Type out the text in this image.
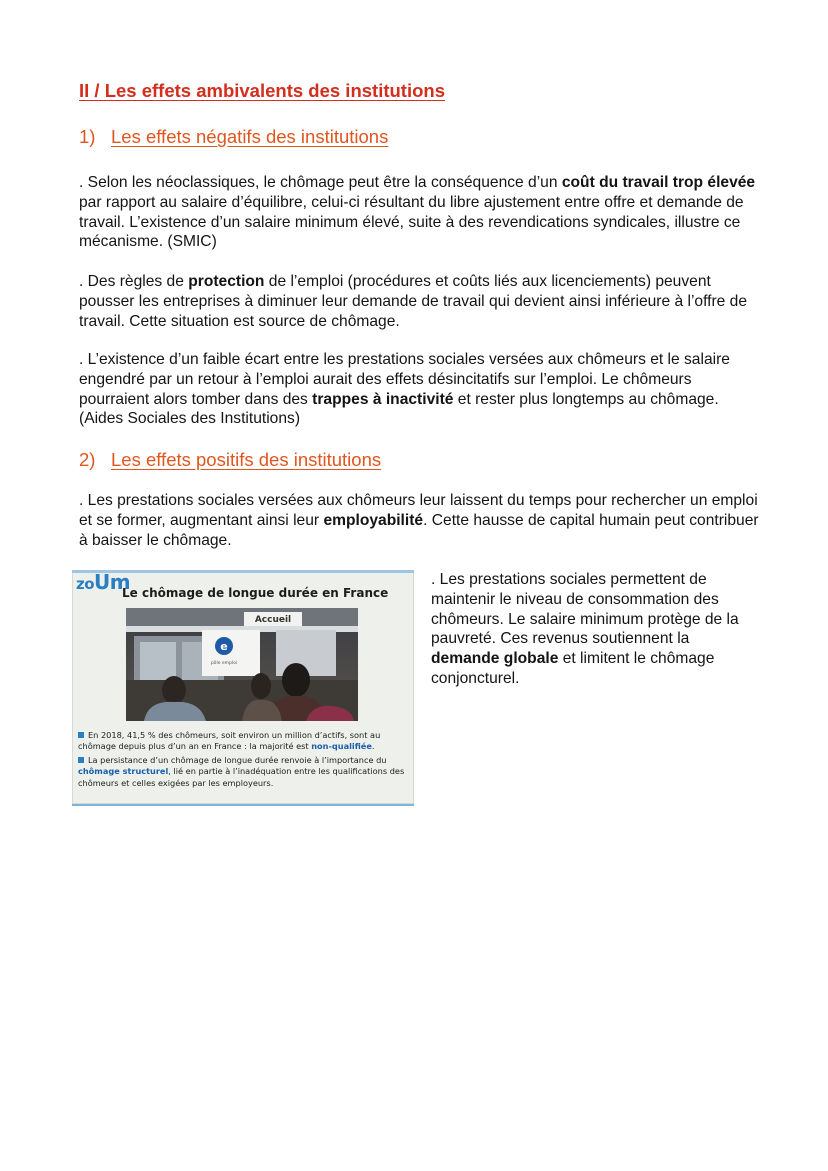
II / Les effets ambivalents des institutions
1) Les effets négatifs des institutions

. Selon les néoclassiques, le chômage peut être la conséquence d’un coût du travail trop élevée par rapport au salaire d’équilibre, celui-ci résultant du libre ajustement entre offre et demande de travail. L’existence d’un salaire minimum élevé, suite à des revendications syndicales, illustre ce mécanisme. (SMIC)

. Des règles de protection de l’emploi (procédures et coûts liés aux licenciements) peuvent pousser les entreprises à diminuer leur demande de travail qui devient ainsi inférieure à l’offre de travail. Cette situation est source de chômage.

. L’existence d’un faible écart entre les prestations sociales versées aux chômeurs et le salaire engendré par un retour à l’emploi aurait des effets désincitatifs sur l’emploi. Le chômeurs pourraient alors tomber dans des trappes à inactivité et rester plus longtemps au chômage. (Aides Sociales des Institutions)

2) Les effets positifs des institutions

. Les prestations sociales versées aux chômeurs leur laissent du temps pour rechercher un emploi et se former, augmentant ainsi leur employabilité. Cette hausse de capital humain peut contribuer à baisser le chômage.

zoUm
Le chômage de longue durée en France
Accueil
e
pôle emploi

En 2018, 41,5 % des chômeurs, soit environ un million d’actifs, sont au chômage depuis plus d’un an en France : la majorité est non-qualifiée.

La persistance d’un chômage de longue durée renvoie à l’importance du chômage structurel, lié en partie à l’inadéquation entre les qualifications des chômeurs et celles exigées par les employeurs.

. Les prestations sociales permettent de maintenir le niveau de consommation des chômeurs. Le salaire minimum protège de la pauvreté. Ces revenus soutiennent la demande globale et limitent le chômage conjoncturel.
